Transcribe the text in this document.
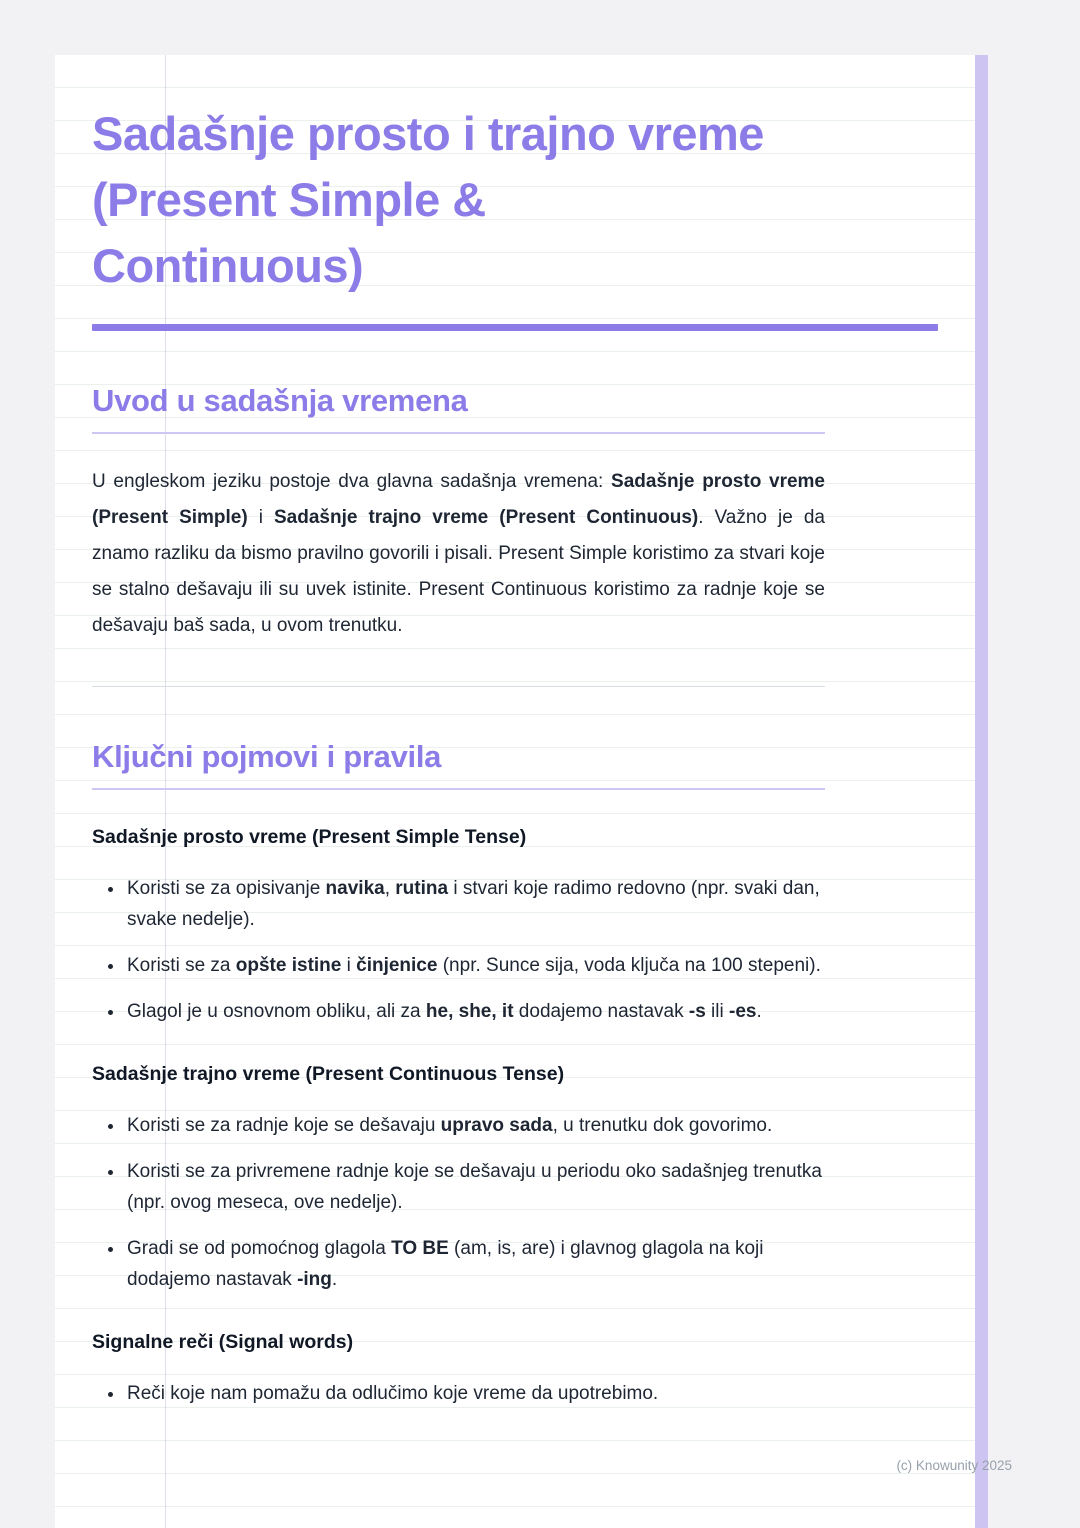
Sadašnje prosto i trajno vreme
(Present Simple &
Continuous)
Uvod u sadašnja vremena

U engleskom jeziku postoje dva glavna sadašnja vremena: Sadašnje prosto vreme (Present Simple) i Sadašnje trajno vreme (Present Continuous). Važno je da znamo razliku da bismo pravilno govorili i pisali. Present Simple koristimo za stvari koje se stalno dešavaju ili su uvek istinite. Present Continuous koristimo za radnje koje se dešavaju baš sada, u ovom trenutku.

Ključni pojmovi i pravila
Sadašnje prosto vreme (Present Simple Tense)
• Koristi se za opisivanje navika, rutina i stvari koje radimo redovno (npr. svaki dan, svake nedelje).
• Koristi se za opšte istine i činjenice (npr. Sunce sija, voda ključa na 100 stepeni).
• Glagol je u osnovnom obliku, ali za he, she, it dodajemo nastavak -s ili -es.
Sadašnje trajno vreme (Present Continuous Tense)
• Koristi se za radnje koje se dešavaju upravo sada, u trenutku dok govorimo.
• Koristi se za privremene radnje koje se dešavaju u periodu oko sadašnjeg trenutka (npr. ovog meseca, ove nedelje).
• Gradi se od pomoćnog glagola TO BE (am, is, are) i glavnog glagola na koji dodajemo nastavak -ing.
Signalne reči (Signal words)
• Reči koje nam pomažu da odlučimo koje vreme da upotrebimo.
(c) Knowunity 2025
